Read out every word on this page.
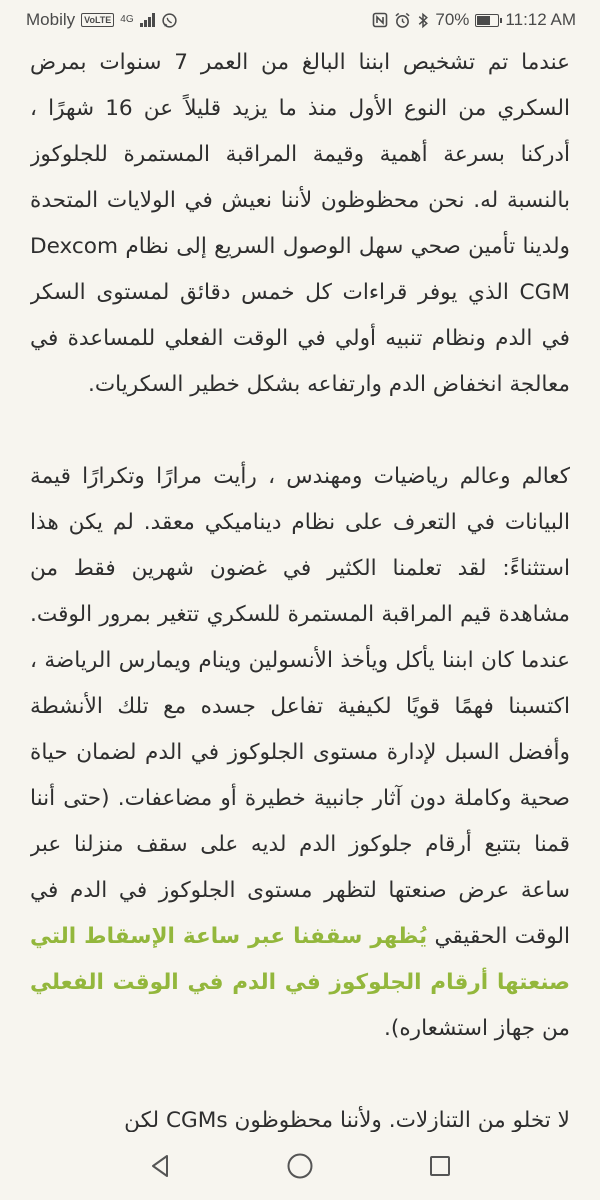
Mobily	VoLTE 4G	70% 11:12 AM

عندما تم تشخيص ابننا البالغ من العمر 7 سنوات بمرض السكري من النوع الأول منذ ما يزيد قليلاً عن 16 شهرًا ، أدركنا بسرعة أهمية وقيمة المراقبة المستمرة للجلوكوز بالنسبة له. نحن محظوظون لأننا نعيش في الولايات المتحدة ولدينا تأمين صحي سهل الوصول السريع إلى نظام Dexcom CGM الذي يوفر قراءات كل خمس دقائق لمستوى السكر في الدم ونظام تنبيه أولي في الوقت الفعلي للمساعدة في معالجة انخفاض الدم وارتفاعه بشكل خطير السكريات.

كعالم وعالم رياضيات ومهندس ، رأيت مرارًا وتكرارًا قيمة البيانات في التعرف على نظام ديناميكي معقد. لم يكن هذا استثناءً: لقد تعلمنا الكثير في غضون شهرين فقط من مشاهدة قيم المراقبة المستمرة للسكري تتغير بمرور الوقت. عندما كان ابننا يأكل ويأخذ الأنسولين وينام ويمارس الرياضة ، اكتسبنا فهمًا قويًا لكيفية تفاعل جسده مع تلك الأنشطة وأفضل السبل لإدارة مستوى الجلوكوز في الدم لضمان حياة صحية وكاملة دون آثار جانبية خطيرة أو مضاعفات. (حتى أننا قمنا بتتبع أرقام جلوكوز الدم لديه على سقف منزلنا عبر ساعة عرض صنعتها لتظهر مستوى الجلوكوز في الدم في الوقت الحقيقي يُظهر سقفنا عبر ساعة الإسقاط التي صنعتها أرقام الجلوكوز في الدم في الوقت الفعلي من جهاز استشعاره).

لا تخلو من التنازلات. ولأننا محظوظون CGMs لكن
